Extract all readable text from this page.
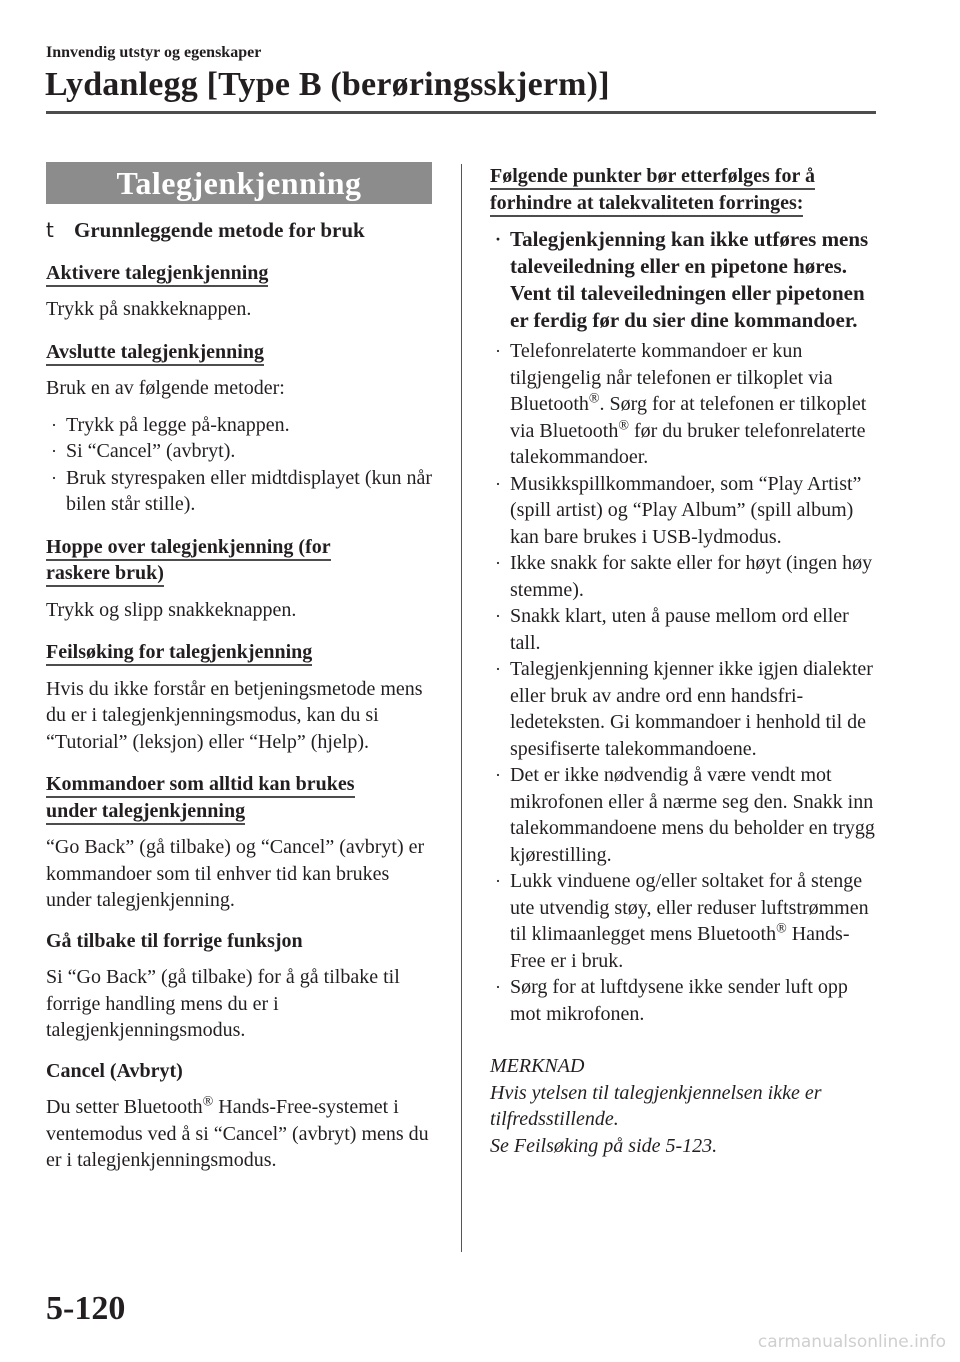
Innvendig utstyr og egenskaper
Lydanlegg [Type B (berøringsskjerm)]
Talegjenkjenning
t Grunnleggende metode for bruk
Aktivere talegjenkjenning
Trykk på snakkeknappen.
Avslutte talegjenkjenning
Bruk en av følgende metoder:
· Trykk på legge på-knappen.
· Si “Cancel” (avbryt).
· Bruk styrespaken eller midtdisplayet (kun når bilen står stille).
Hoppe over talegjenkjenning (for
raskere bruk)
Trykk og slipp snakkeknappen.
Feilsøking for talegjenkjenning
Hvis du ikke forstår en betjeningsmetode mens du er i talegjenkjenningsmodus, kan du si “Tutorial” (leksjon) eller “Help” (hjelp).
Kommandoer som alltid kan brukes
under talegjenkjenning
“Go Back” (gå tilbake) og “Cancel” (avbryt) er kommandoer som til enhver tid kan brukes under talegjenkjenning.
Gå tilbake til forrige funksjon
Si “Go Back” (gå tilbake) for å gå tilbake til forrige handling mens du er i talegjenkjenningsmodus.
Cancel (Avbryt)
Du setter Bluetooth® Hands-Free-systemet i ventemodus ved å si “Cancel” (avbryt) mens du er i talegjenkjenningsmodus.
Følgende punkter bør etterfølges for å
forhindre at talekvaliteten forringes:
· Talegjenkjenning kan ikke utføres mens taleveiledning eller en pipetone høres. Vent til taleveiledningen eller pipetonen er ferdig før du sier dine kommandoer.
· Telefonrelaterte kommandoer er kun tilgjengelig når telefonen er tilkoplet via Bluetooth®. Sørg for at telefonen er tilkoplet via Bluetooth® før du bruker telefonrelaterte talekommandoer.
· Musikkspillkommandoer, som “Play Artist” (spill artist) og “Play Album” (spill album) kan bare brukes i USB-lydmodus.
· Ikke snakk for sakte eller for høyt (ingen høy stemme).
· Snakk klart, uten å pause mellom ord eller tall.
· Talegjenkjenning kjenner ikke igjen dialekter eller bruk av andre ord enn handsfri-ledeteksten. Gi kommandoer i henhold til de spesifiserte talekommandoene.
· Det er ikke nødvendig å være vendt mot mikrofonen eller å nærme seg den. Snakk inn talekommandoene mens du beholder en trygg kjørestilling.
· Lukk vinduene og/eller soltaket for å stenge ute utvendig støy, eller reduser luftstrømmen til klimaanlegget mens Bluetooth® Hands-Free er i bruk.
· Sørg for at luftdysene ikke sender luft opp mot mikrofonen.
MERKNAD
Hvis ytelsen til talegjenkjennelsen ikke er tilfredsstillende.
Se Feilsøking på side 5-123.
5-120
carmanualsonline.info
